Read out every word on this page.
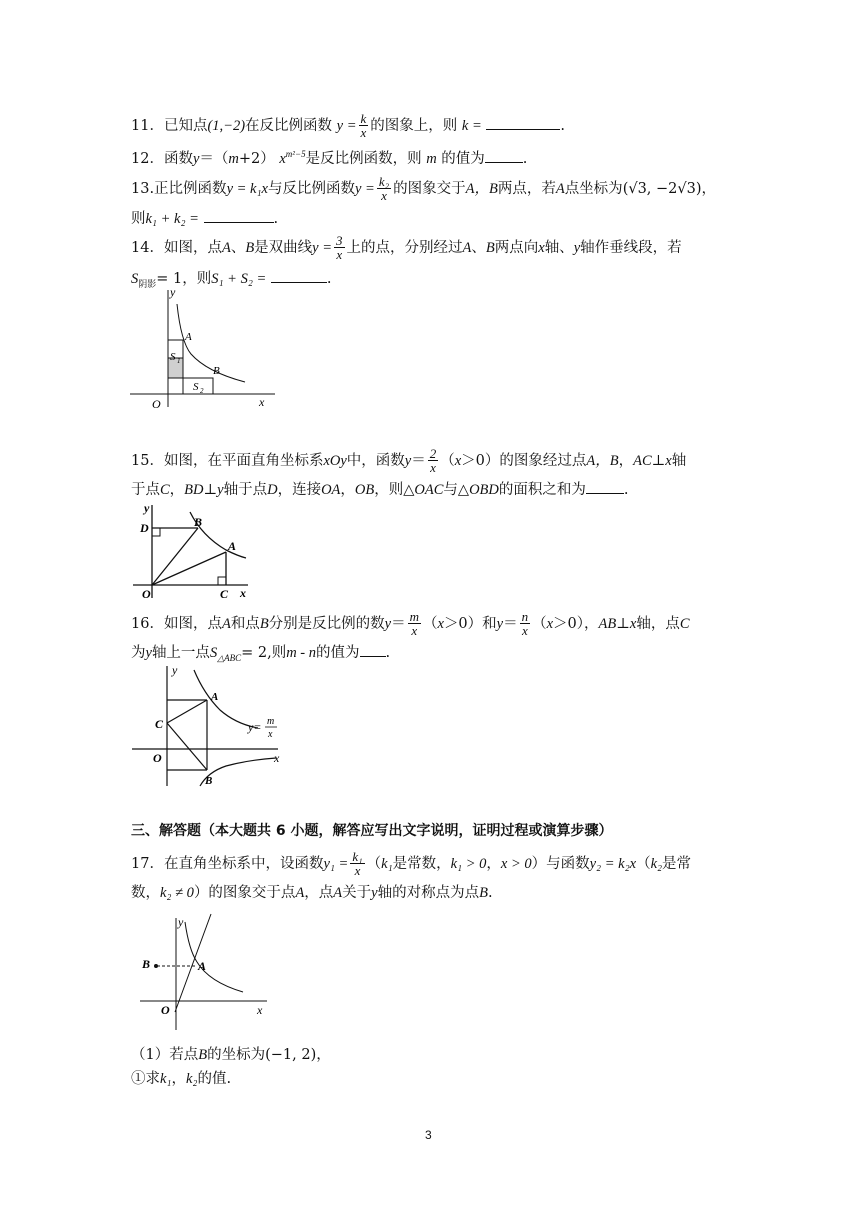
11．已知点(1,−2)在反比例函数 $y = \frac{k}{x}$ 的图象上，则 k =	.
12．函数y＝（m+2） $x^{m^2-5}$是反比例函数，则 m 的值为	.
13.正比例函数y = k₁x与反比例函数$y = \frac{\text{k₂}}{x}$ 的图象交于A，B两点，若A点坐标为(√3, −2√3)，
则k₁ + k₂ =	.
14．如图，点A、B是双曲线$y = \frac{3}{x}$ 上的点，分别经过A、B两点向x轴、y轴作垂线段，若
$S_{阴影}= 1$，则S₁ + S₂ =	.
y
x
O
A
B
S 1
S 2
15．如图，在平面直角坐标系xOy中，函数$y= \frac{2}{x} (x>0)$的图象经过点A，B，AC⊥x轴
于点C，BD⊥y轴于点D，连接OA，OB，则△OAC与△OBD的面积之和为	.
y
x
O
A
B
C
D
16．如图，点A和点B分别是反比例的数$y= \frac{m}{x} (x>0)$和$y= \frac{n}{x} (x>0)$，AB⊥x轴，点C
为y轴上一点$S_{\triangle ABC}= 2$,则m - n的值为 .
y
x
O
A
B
C	y= m
x
三、解答题（本大题共 6 小题，解答应写出文字说明，证明过程或演算步骤）
17．在直角坐标系中，设函数$y_1 = \frac{\text{k₁}}{x} (k_1$是常数，k₁ > 0，x > 0）与函数y₂ = k₂x（k₂是常
数，k₂ ≠ 0）的图象交于点A，点A关于y轴的对称点为点B.
y
x
O
A
B
（1）若点B的坐标为(−1, 2)，
①求k₁，k₂的值.
3
